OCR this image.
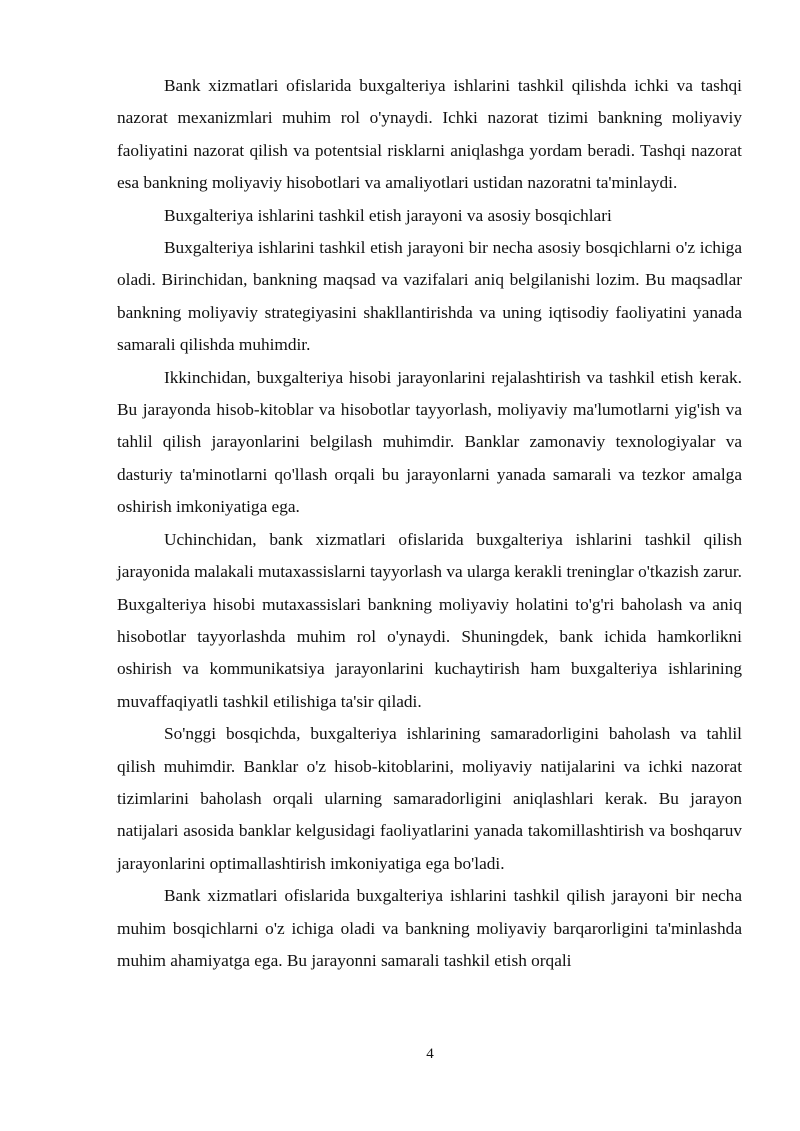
Bank xizmatlari ofislarida buxgalteriya ishlarini tashkil qilishda ichki va tashqi nazorat mexanizmlari muhim rol o'ynaydi. Ichki nazorat tizimi bankning moliyaviy faoliyatini nazorat qilish va potentsial risklarni aniqlashga yordam beradi. Tashqi nazorat esa bankning moliyaviy hisobotlari va amaliyotlari ustidan nazoratni ta'minlaydi.

Buxgalteriya ishlarini tashkil etish jarayoni va asosiy bosqichlari

Buxgalteriya ishlarini tashkil etish jarayoni bir necha asosiy bosqichlarni o'z ichiga oladi. Birinchidan, bankning maqsad va vazifalari aniq belgilanishi lozim. Bu maqsadlar bankning moliyaviy strategiyasini shakllantirishda va uning iqtisodiy faoliyatini yanada samarali qilishda muhimdir.

Ikkinchidan, buxgalteriya hisobi jarayonlarini rejalashtirish va tashkil etish kerak. Bu jarayonda hisob-kitoblar va hisobotlar tayyorlash, moliyaviy ma'lumotlarni yig'ish va tahlil qilish jarayonlarini belgilash muhimdir. Banklar zamonaviy texnologiyalar va dasturiy ta'minotlarni qo'llash orqali bu jarayonlarni yanada samarali va tezkor amalga oshirish imkoniyatiga ega.

Uchinchidan, bank xizmatlari ofislarida buxgalteriya ishlarini tashkil qilish jarayonida malakali mutaxassislarni tayyorlash va ularga kerakli treninglar o'tkazish zarur. Buxgalteriya hisobi mutaxassislari bankning moliyaviy holatini to'g'ri baholash va aniq hisobotlar tayyorlashda muhim rol o'ynaydi. Shuningdek, bank ichida hamkorlikni oshirish va kommunikatsiya jarayonlarini kuchaytirish ham buxgalteriya ishlarining muvaffaqiyatli tashkil etilishiga ta'sir qiladi.

So'nggi bosqichda, buxgalteriya ishlarining samaradorligini baholash va tahlil qilish muhimdir. Banklar o'z hisob-kitoblarini, moliyaviy natijalarini va ichki nazorat tizimlarini baholash orqali ularning samaradorligini aniqlashlari kerak. Bu jarayon natijalari asosida banklar kelgusidagi faoliyatlarini yanada takomillashtirish va boshqaruv jarayonlarini optimallashtirish imkoniyatiga ega bo'ladi.

Bank xizmatlari ofislarida buxgalteriya ishlarini tashkil qilish jarayoni bir necha muhim bosqichlarni o'z ichiga oladi va bankning moliyaviy barqarorligini ta'minlashda muhim ahamiyatga ega. Bu jarayonni samarali tashkil etish orqali

4
